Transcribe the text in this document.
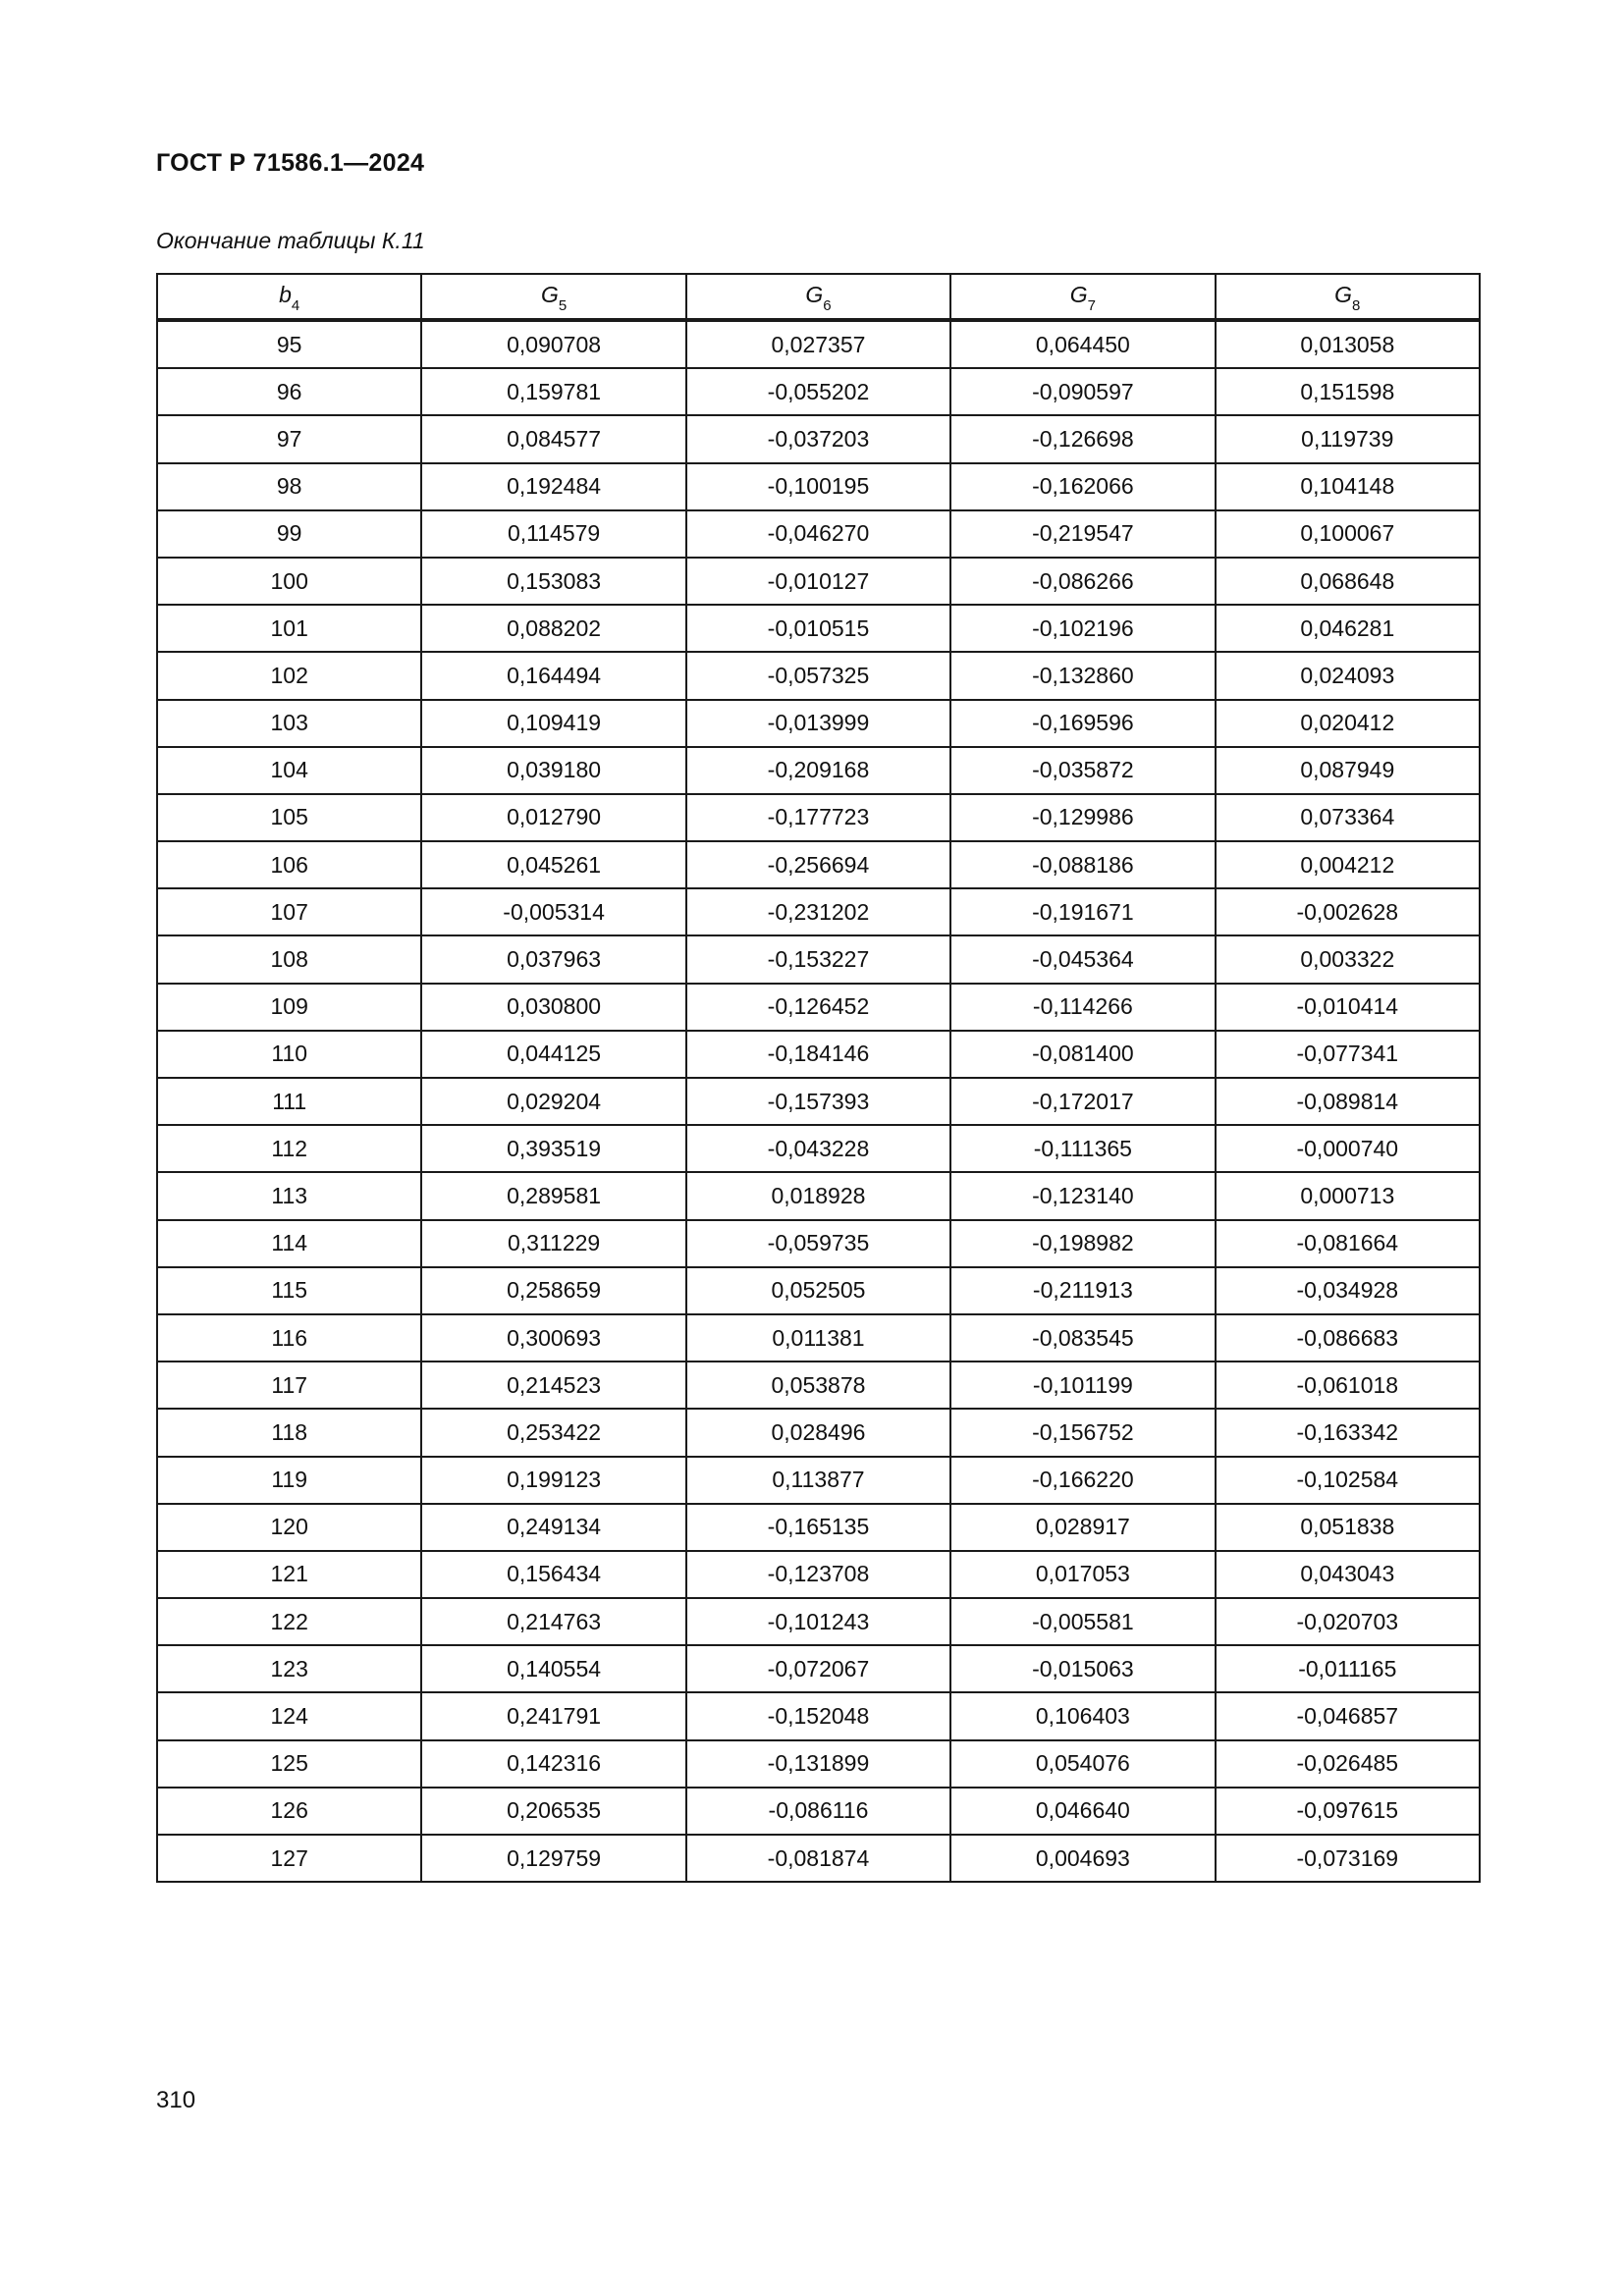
ГОСТ Р 71586.1—2024
Окончание таблицы К.11
$b_4$	$G_5$	$G_6$	$G_7$	$G_8$
95	0,090708	0,027357	0,064450	0,013058
96	0,159781	-0,055202	-0,090597	0,151598
97	0,084577	-0,037203	-0,126698	0,119739
98	0,192484	-0,100195	-0,162066	0,104148
99	0,114579	-0,046270	-0,219547	0,100067
100	0,153083	-0,010127	-0,086266	0,068648
101	0,088202	-0,010515	-0,102196	0,046281
102	0,164494	-0,057325	-0,132860	0,024093
103	0,109419	-0,013999	-0,169596	0,020412
104	0,039180	-0,209168	-0,035872	0,087949
105	0,012790	-0,177723	-0,129986	0,073364
106	0,045261	-0,256694	-0,088186	0,004212
107	-0,005314	-0,231202	-0,191671	-0,002628
108	0,037963	-0,153227	-0,045364	0,003322
109	0,030800	-0,126452	-0,114266	-0,010414
110	0,044125	-0,184146	-0,081400	-0,077341
111	0,029204	-0,157393	-0,172017	-0,089814
112	0,393519	-0,043228	-0,111365	-0,000740
113	0,289581	0,018928	-0,123140	0,000713
114	0,311229	-0,059735	-0,198982	-0,081664
115	0,258659	0,052505	-0,211913	-0,034928
116	0,300693	0,011381	-0,083545	-0,086683
117	0,214523	0,053878	-0,101199	-0,061018
118	0,253422	0,028496	-0,156752	-0,163342
119	0,199123	0,113877	-0,166220	-0,102584
120	0,249134	-0,165135	0,028917	0,051838
121	0,156434	-0,123708	0,017053	0,043043
122	0,214763	-0,101243	-0,005581	-0,020703
123	0,140554	-0,072067	-0,015063	-0,011165
124	0,241791	-0,152048	0,106403	-0,046857
125	0,142316	-0,131899	0,054076	-0,026485
126	0,206535	-0,086116	0,046640	-0,097615
127	0,129759	-0,081874	0,004693	-0,073169
310
